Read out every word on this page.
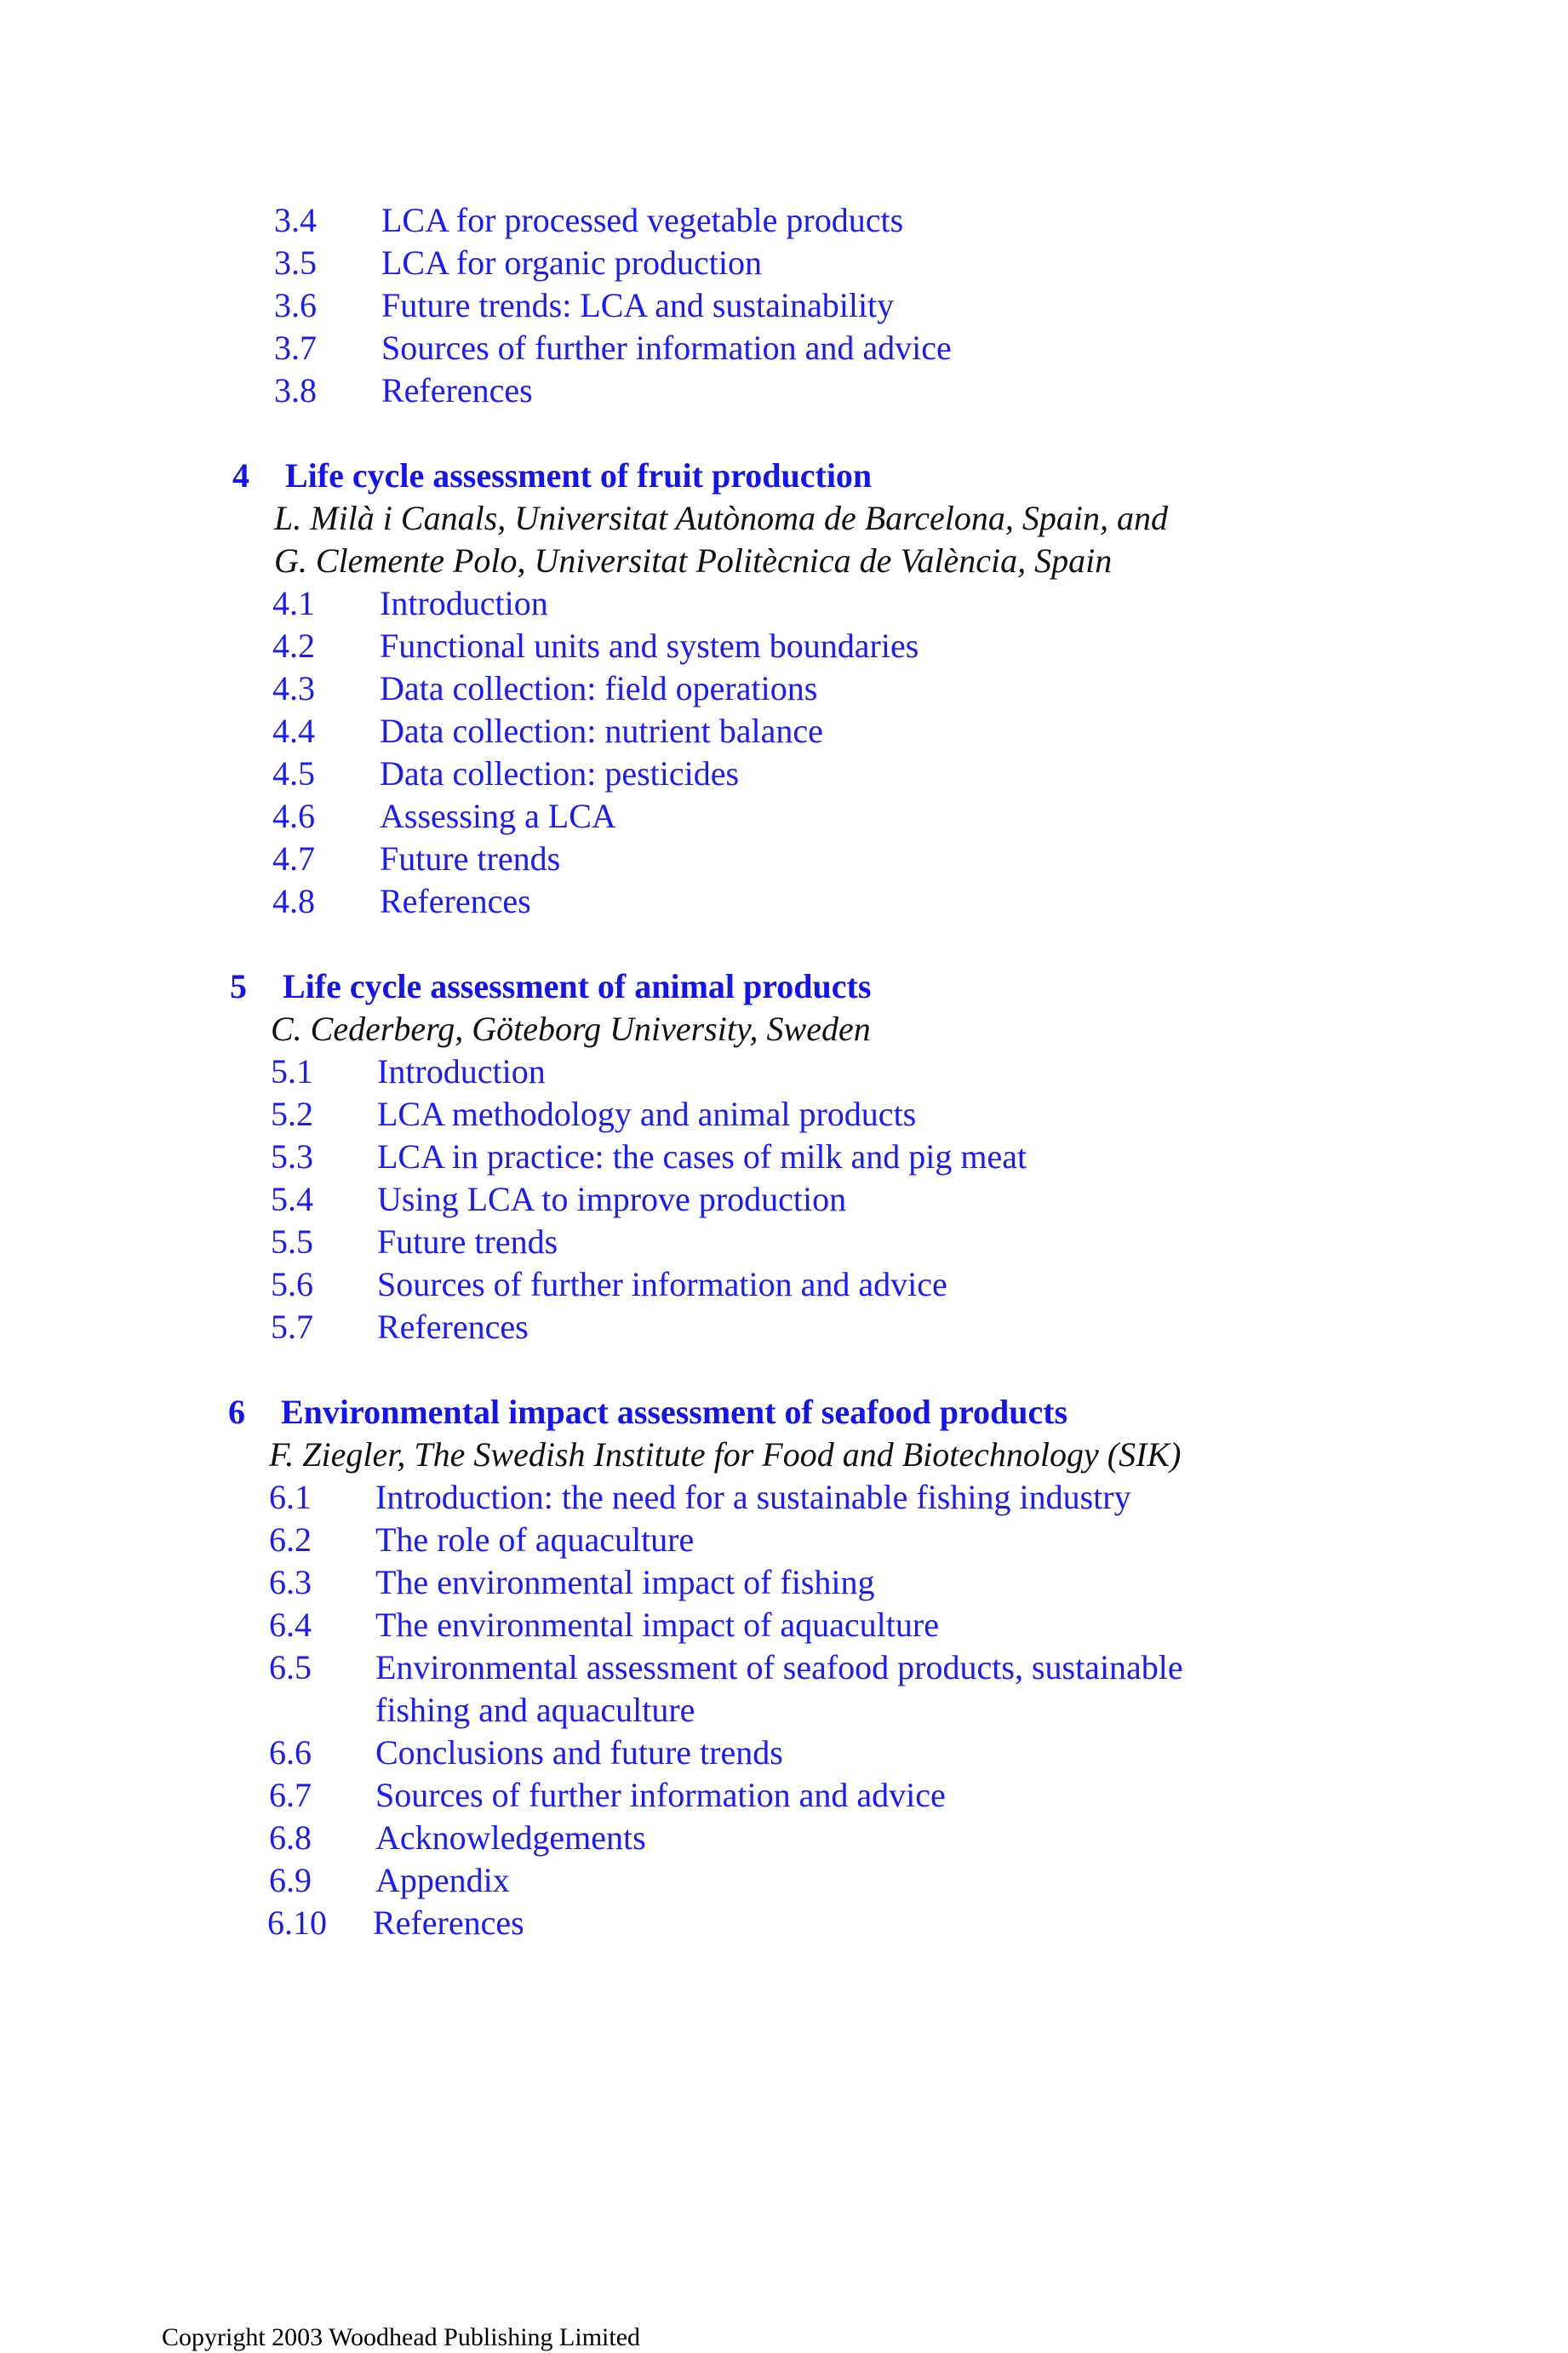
3.4 LCA for processed vegetable products
3.5 LCA for organic production
3.6 Future trends: LCA and sustainability
3.7 Sources of further information and advice
3.8 References
4 Life cycle assessment of fruit production
L. Milà i Canals, Universitat Autònoma de Barcelona, Spain, and
G. Clemente Polo, Universitat Politècnica de València, Spain
4.1 Introduction
4.2 Functional units and system boundaries
4.3 Data collection: field operations
4.4 Data collection: nutrient balance
4.5 Data collection: pesticides
4.6 Assessing a LCA
4.7 Future trends
4.8 References
5 Life cycle assessment of animal products
C. Cederberg, Göteborg University, Sweden
5.1 Introduction
5.2 LCA methodology and animal products
5.3 LCA in practice: the cases of milk and pig meat
5.4 Using LCA to improve production
5.5 Future trends
5.6 Sources of further information and advice
5.7 References
6 Environmental impact assessment of seafood products
F. Ziegler, The Swedish Institute for Food and Biotechnology (SIK)
6.1 Introduction: the need for a sustainable fishing industry
6.2 The role of aquaculture
6.3 The environmental impact of fishing
6.4 The environmental impact of aquaculture
6.5 Environmental assessment of seafood products, sustainable
fishing and aquaculture
6.6 Conclusions and future trends
6.7 Sources of further information and advice
6.8 Acknowledgements
6.9 Appendix
6.10 References
Copyright 2003 Woodhead Publishing Limited
